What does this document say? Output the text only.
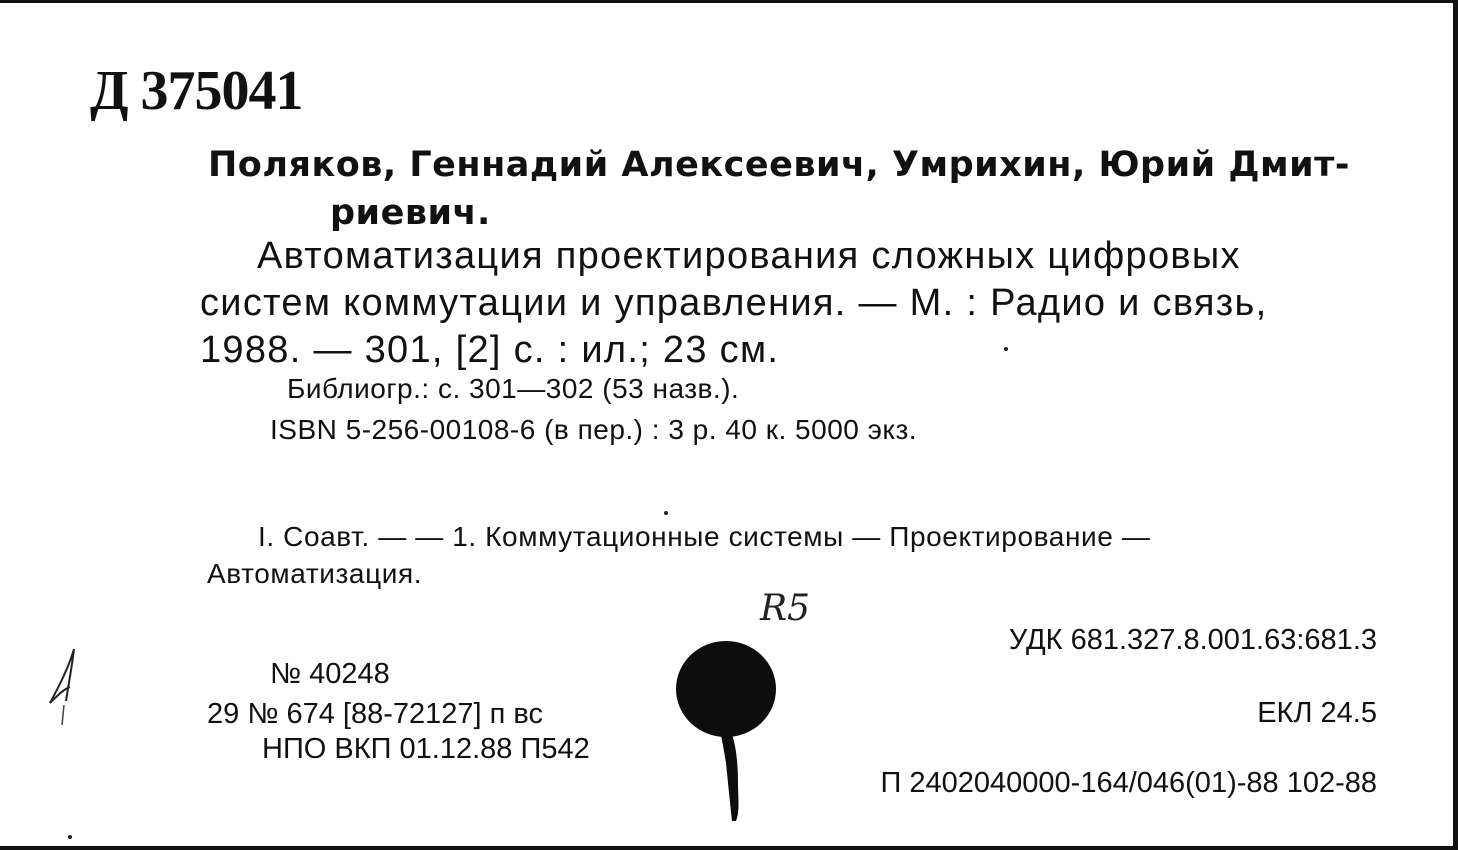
Д 375041
Поляков, Геннадий Алексеевич, Умрихин, Юрий Дмит-
риевич.
Автоматизация проектирования сложных цифровых
систем коммутации и управления. — М. : Радио и связь,
1988. — 301, [2] с. : ил.; 23 см.
Библиогр.: с. 301—302 (53 назв.).
ISBN 5-256-00108-6 (в пер.) : 3 р. 40 к. 5000 экз.
I. Соавт. — — 1. Коммутационные системы — Проектирование —
Автоматизация.
R5
№ 40248
29 № 674 [88-72127] п вс
НПО ВКП 01.12.88 П542
УДК 681.327.8.001.63:681.3
ЕКЛ 24.5
П 2402040000-164/046(01)-88 102-88
